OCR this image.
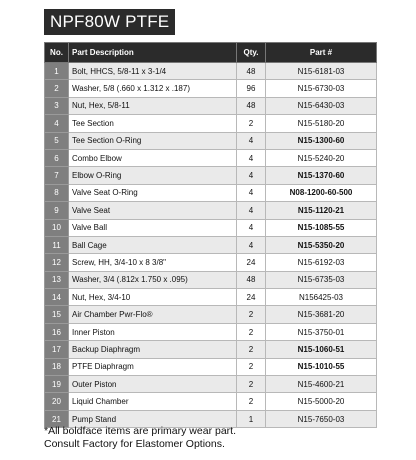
NPF80W PTFE
No.	Part Description	Qty.	Part #
1	Bolt, HHCS, 5/8-11 x 3-1/4	48	N15-6181-03
2	Washer, 5/8 (.660 x 1.312 x .187)	96	N15-6730-03
3	Nut, Hex, 5/8-11	48	N15-6430-03
4	Tee Section	2	N15-5180-20
5	Tee Section O-Ring	4	N15-1300-60
6	Combo Elbow	4	N15-5240-20
7	Elbow O-Ring	4	N15-1370-60
8	Valve Seat O-Ring	4	N08-1200-60-500
9	Valve Seat	4	N15-1120-21
10	Valve Ball	4	N15-1085-55
11	Ball Cage	4	N15-5350-20
12	Screw, HH, 3/4-10 x 8 3/8"	24	N15-6192-03
13	Washer, 3/4 (.812x 1.750 x .095)	48	N15-6735-03
14	Nut, Hex, 3/4-10	24	N156425-03
15	Air Chamber Pwr-Flo®	2	N15-3681-20
16	Inner Piston	2	N15-3750-01
17	Backup Diaphragm	2	N15-1060-51
18	PTFE Diaphragm	2	N15-1010-55
19	Outer Piston	2	N15-4600-21
20	Liquid Chamber	2	N15-5000-20
21	Pump Stand	1	N15-7650-03
*All boldface items are primary wear part.
Consult Factory for Elastomer Options.
